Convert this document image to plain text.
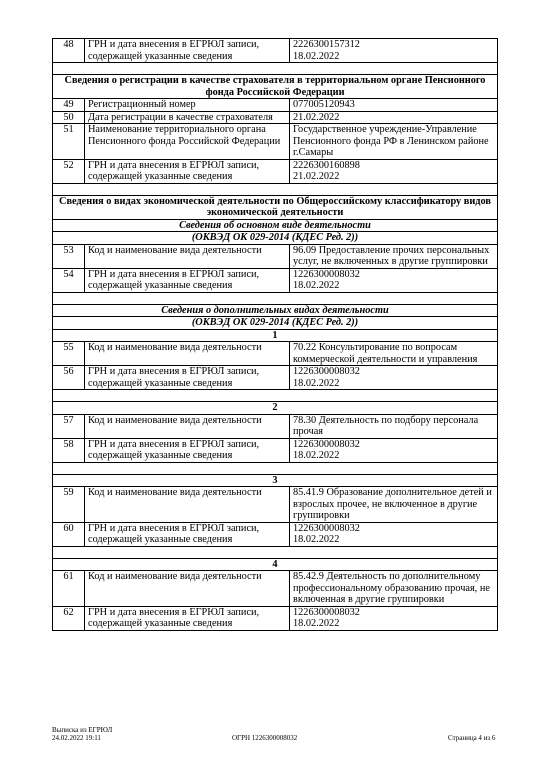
48	ГРН и дата внесения в ЕГРЮЛ записи, содержащей указанные сведения	2226300157312
18.02.2022

Сведения о регистрации в качестве страхователя в территориальном органе Пенсионного фонда Российской Федерации		
49	Регистрационный номер	077005120943

50	Дата регистрации в качестве страхователя	21.02.2022

51	Наименование территориального органа Пенсионного фонда Российской Федерации	Государственное учреждение-Управление Пенсионного фонда РФ в Ленинском районе г.Самары

52	ГРН и дата внесения в ЕГРЮЛ записи, содержащей указанные сведения	2226300160898
21.02.2022

Сведения о видах экономической деятельности по Общероссийскому классификатору видов экономической деятельности		
Сведения об основном виде деятельности		
(ОКВЭД ОК 029-2014 (КДЕС Ред. 2))		
53	Код и наименование вида деятельности	96.09 Предоставление прочих персональных услуг, не включенных в другие группировки

54	ГРН и дата внесения в ЕГРЮЛ записи, содержащей указанные сведения	1226300008032
18.02.2022

Сведения о дополнительных видах деятельности		
(ОКВЭД ОК 029-2014 (КДЕС Ред. 2))		
1		
55	Код и наименование вида деятельности	70.22 Консультирование по вопросам коммерческой деятельности и управления

56	ГРН и дата внесения в ЕГРЮЛ записи, содержащей указанные сведения	1226300008032
18.02.2022

2		
57	Код и наименование вида деятельности	78.30 Деятельность по подбору персонала прочая

58	ГРН и дата внесения в ЕГРЮЛ записи, содержащей указанные сведения	1226300008032
18.02.2022

3		
59	Код и наименование вида деятельности	85.41.9 Образование дополнительное детей и взрослых прочее, не включенное в другие группировки

60	ГРН и дата внесения в ЕГРЮЛ записи, содержащей указанные сведения	1226300008032
18.02.2022

4		
61	Код и наименование вида деятельности	85.42.9 Деятельность по дополнительному профессиональному образованию прочая, не включенная в другие группировки

62	ГРН и дата внесения в ЕГРЮЛ записи, содержащей указанные сведения	1226300008032
18.02.2022
Выписка из ЕГРЮЛ
24.02.2022 19:11	ОГРН 1226300008032	Страница 4 из 6
